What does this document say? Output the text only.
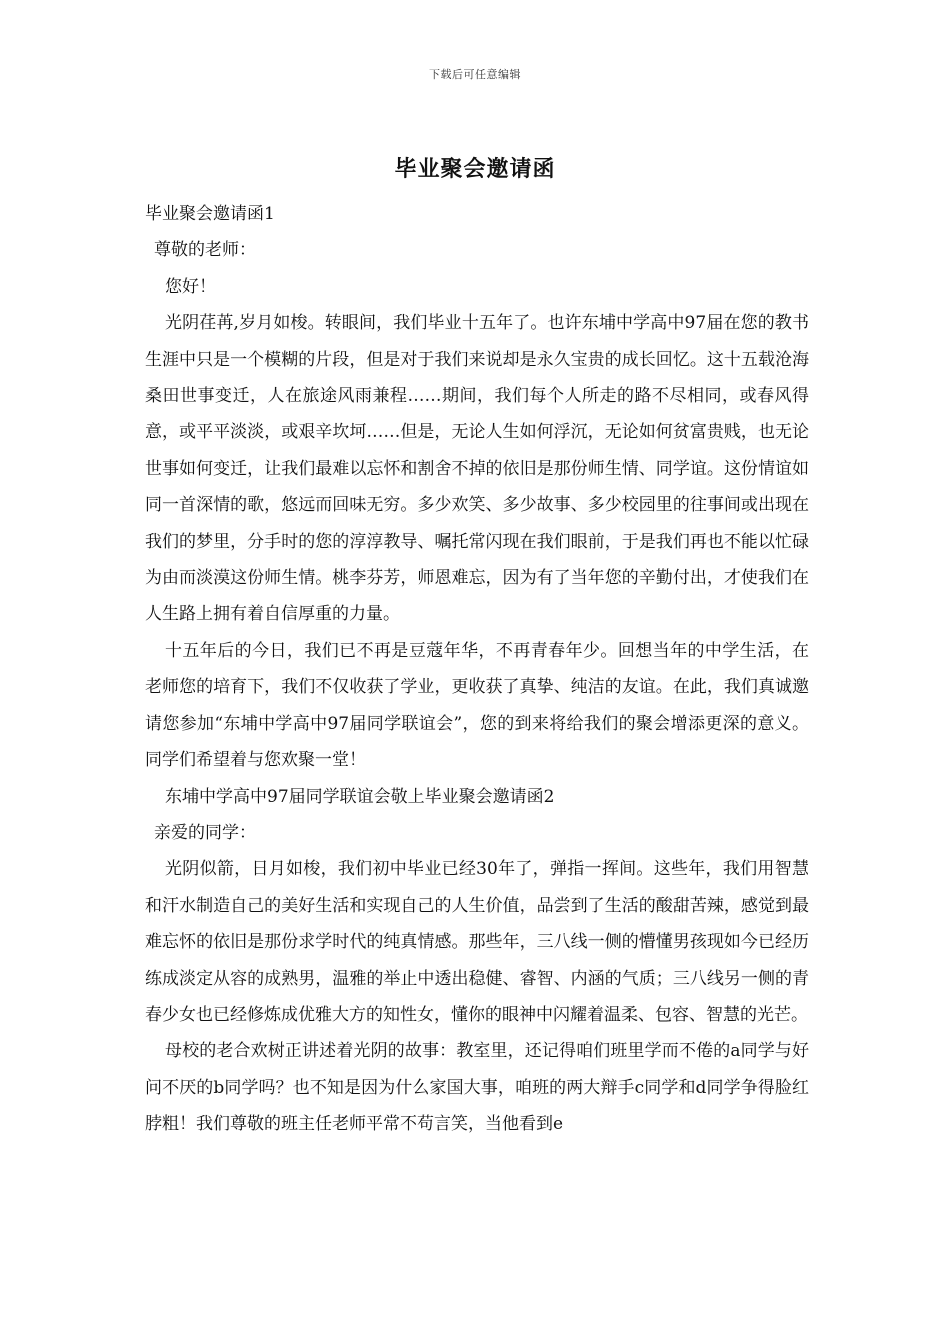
下载后可任意编辑
毕业聚会邀请函

毕业聚会邀请函1

尊敬的老师：

您好！

光阴荏苒,岁月如梭。转眼间，我们毕业十五年了。也许东埔中学高中97届在您的教书生涯中只是一个模糊的片段，但是对于我们来说却是永久宝贵的成长回忆。这十五载沧海桑田世事变迁，人在旅途风雨兼程……期间，我们每个人所走的路不尽相同，或春风得意，或平平淡淡，或艰辛坎坷……但是，无论人生如何浮沉，无论如何贫富贵贱，也无论世事如何变迁，让我们最难以忘怀和割舍不掉的依旧是那份师生情、同学谊。这份情谊如同一首深情的歌，悠远而回味无穷。多少欢笑、多少故事、多少校园里的往事间或出现在我们的梦里，分手时的您的淳淳教导、嘱托常闪现在我们眼前，于是我们再也不能以忙碌为由而淡漠这份师生情。桃李芬芳，师恩难忘，因为有了当年您的辛勤付出，才使我们在人生路上拥有着自信厚重的力量。

十五年后的今日，我们已不再是豆蔻年华，不再青春年少。回想当年的中学生活，在老师您的培育下，我们不仅收获了学业，更收获了真挚、纯洁的友谊。在此，我们真诚邀请您参加“东埔中学高中97届同学联谊会”，您的到来将给我们的聚会增添更深的意义。同学们希望着与您欢聚一堂！

东埔中学高中97届同学联谊会敬上毕业聚会邀请函2

亲爱的同学：

光阴似箭，日月如梭，我们初中毕业已经30年了，弹指一挥间。这些年，我们用智慧和汗水制造自己的美好生活和实现自己的人生价值，品尝到了生活的酸甜苦辣，感觉到最难忘怀的依旧是那份求学时代的纯真情感。那些年，三八线一侧的懵懂男孩现如今已经历练成淡定从容的成熟男，温雅的举止中透出稳健、睿智、内涵的气质；三八线另一侧的青春少女也已经修炼成优雅大方的知性女，懂你的眼神中闪耀着温柔、包容、智慧的光芒。

母校的老合欢树正讲述着光阴的故事：教室里，还记得咱们班里学而不倦的a同学与好问不厌的b同学吗？也不知是因为什么家国大事，咱班的两大辩手c同学和d同学争得脸红脖粗！我们尊敬的班主任老师平常不苟言笑，当他看到e
